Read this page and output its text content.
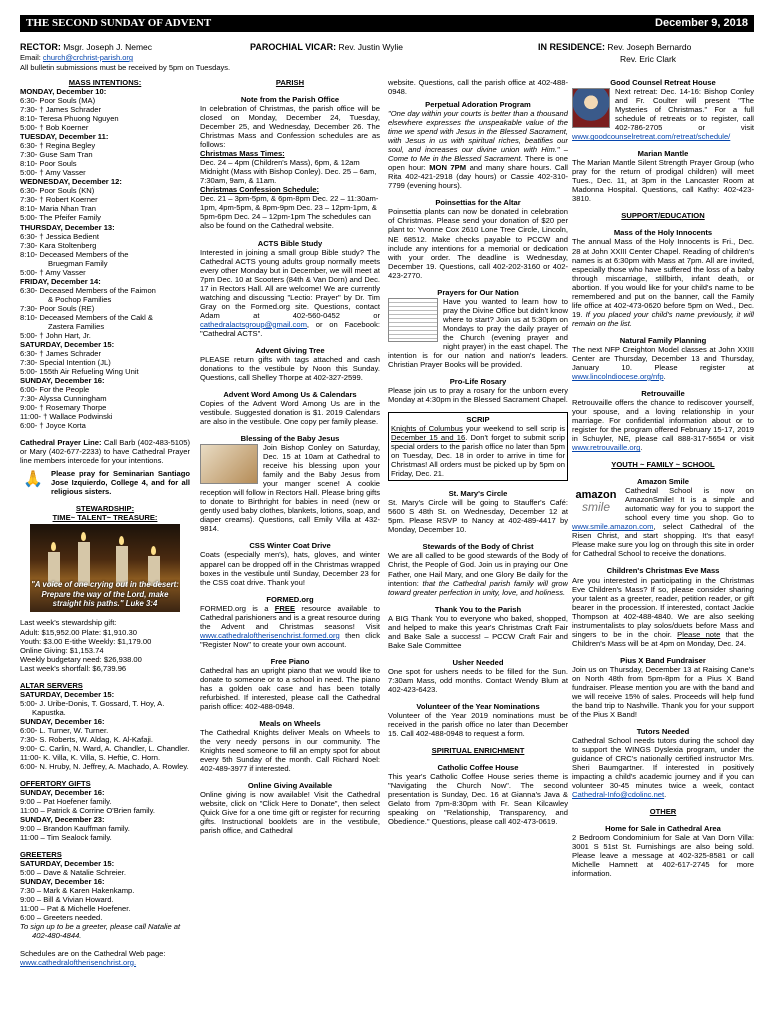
THE SECOND SUNDAY OF ADVENT	December 9, 2018
RECTOR: Msgr. Joseph J. Nemec	PAROCHIAL VICAR: Rev. Justin Wylie	IN RESIDENCE: Rev. Joseph Bernardo
Email: church@crchrist-parish.org	Rev. Eric Clark
All bulletin submissions must be received by 5pm on Tuesdays.

MASS INTENTIONS:

MONDAY, December 10:

6:30- Poor Souls (MA)

7:30- † James Schrader

8:10- Teresa Phuong Nguyen

5:00- † Bob Koerner

TUESDAY, December 11:

6:30- † Regina Begley

7:30- Guse Sam Tran

8:10- Poor Souls

5:00- † Amy Vasser

WEDNESDAY, December 12:

6:30- Poor Souls (KN)

7:30- † Robert Koerner

8:10- Maria Nhan Tran

5:00- The Pfeifer Family

THURSDAY, December 13:

6:30- † Jessica Bedient

7:30- Kara Stoltenberg

8:10- Deceased Members of the

Bruegman Family

5:00- † Amy Vasser

FRIDAY, December 14:

6:30- Deceased Members of the Faimon

& Pochop Families

7:30- Poor Souls (RE)

8:10- Deceased Members of the Cakl &

Zastera Families

5:00- † John Hart, Jr.

SATURDAY, December 15:

6:30- † James Schrader

7:30- Special Intention (JL)

5:00- 155th Air Refueling Wing Unit

SUNDAY, December 16:

6:00- For the People

7:30- Alyssa Cunningham

9:00- † Rosemary Thorpe

11:00- † Wallace Podwinski

6:00- † Joyce Korta

Cathedral Prayer Line: Call Barb (402-483-5105) or Mary (402-677-2233) to have Cathedral Prayer line members intercede for your intentions.

🙏	Please pray for Seminarian Santiago Jose Izquierdo, College 4, and for all religious sisters.

STEWARDSHIP:

TIME~ TALENT~ TREASURE:

"A voice of one crying out in the desert: Prepare the way of the Lord, make straight his paths." Luke 3:4

Last week's stewardship gift:

Adult: $15,952.00 Plate: $1,910.30

Youth: $3.00 E-tithe Weekly: $1,179.00

Online Giving: $1,153.74

Weekly budgetary need: $26,938.00

Last week's shortfall: $6,739.96

ALTAR SERVERS

SATURDAY, December 15:

5:00- J. Uribe-Donis, T. Gossard, T. Hoy, A. Kapustka.

SUNDAY, December 16:

6:00- L. Turner, W. Turner.

7:30- S. Roberts, W. Aldag, K. Al-Kafaji.

9:00- C. Carlin, N. Ward, A. Chandler, L. Chandler.

11:00- K. Villa, K. Villa, S. Heftie, C. Horn.

6:00- N. Hruby, N. Jeffrey, A. Machado, A. Rowley.

OFFERTORY GIFTS

SUNDAY, December 16:

9:00 – Pat Hoefener family.

11:00 – Patrick & Corrine O'Brien family.

SUNDAY, December 23:

9:00 – Brandon Kauffman family.

11:00 – Tim Sealock family.

GREETERS

SATURDAY, December 15:

5:00 – Dave & Natalie Schreier.

SUNDAY, December 16:

7:30 – Mark & Karen Hakenkamp.

9:00 – Bill & Vivian Howard.

11:00 – Pat & Michelle Hoefener.

6:00 – Greeters needed.

To sign up to be a greeter, please call Natalie at 402-480-4844.

Schedules are on the Cathedral Web page: www.cathedraloftherisenchrist.org.

PARISH

Note from the Parish Office

In celebration of Christmas, the parish office will be closed on Monday, December 24, Tuesday, December 25, and Wednesday, December 26. The Christmas Mass and Confession schedules are as follows:

Christmas Mass Times:

Dec. 24 – 4pm (Children's Mass), 6pm, & 12am Midnight (Mass with Bishop Conley). Dec. 25 – 6am, 7:30am, 9am, & 11am.

Christmas Confession Schedule:

Dec. 21 – 3pm-5pm, & 6pm-8pm Dec. 22 – 11:30am-1pm, 4pm-5pm, & 8pm-9pm Dec. 23 – 12pm-1pm, & 5pm-6pm Dec. 24 – 12pm-1pm The schedules can also be found on the Cathedral website.

ACTS Bible Study

Interested in joining a small group Bible study? The Cathedral ACTS young adults group normally meets every other Monday but in December, we will meet at 7pm Dec. 10 at Scooters (84th & Van Dorn) and Dec. 17 in Rectors Hall. All are welcome! We are currently watching and discussing "Lectio: Prayer" by Dr. Tim Gray on the Formed.org site. Questions, contact Adam at 402-560-0452 or cathedralactsgroup@gmail.com, or on Facebook: "Cathedral ACTS".

Advent Giving Tree

PLEASE return gifts with tags attached and cash donations to the vestibule by Noon this Sunday. Questions, call Shelley Thorpe at 402-327-2599.

Advent Word Among Us & Calendars

Copies of the Advent Word Among Us are in the vestibule. Suggested donation is $1. 2019 Calendars are also in the vestibule. One copy per family please.

Blessing of the Baby Jesus

Join Bishop Conley on Saturday, Dec. 15 at 10am at Cathedral to receive his blessing upon your family and the Baby Jesus from your manger scene! A cookie reception will follow in Rectors Hall. Please bring gifts to donate to Birthright for babies in need (new or gently used baby clothes, blankets, lotions, soap, and diaper creams). Questions, call Emily Villa at 432-9814.

CSS Winter Coat Drive

Coats (especially men's), hats, gloves, and winter apparel can be dropped off in the Christmas wrapped boxes in the vestibule until Sunday, December 23 for the CSS coat drive. Thank you!

FORMED.org

FORMED.org is a FREE resource available to Cathedral parishioners and is a great resource during the Advent and Christmas seasons! Visit www.cathedraloftherisenchrist.formed.org then click "Register Now" to create your own account.

Free Piano

Cathedral has an upright piano that we would like to donate to someone or to a school in need. The piano has a golden oak case and has been totally refurbished. If interested, please call the Cathedral parish office: 402-488-0948.

Meals on Wheels

The Cathedral Knights deliver Meals on Wheels to the very needy persons in our community. The Knights need someone to fill an empty spot for about every 5th Sunday of the month. Call Richard Noel: 402-489-3977 if interested.

Online Giving Available

Online giving is now available! Visit the Cathedral website, click on "Click Here to Donate", then select Quick Give for a one time gift or register for recurring gifts. Instructional booklets are in the vestibule, parish office, and Cathedral

website. Questions, call the parish office at 402-488-0948.

Perpetual Adoration Program

"One day within your courts is better than a thousand elsewhere expresses the unspeakable value of the time we spend with Jesus in the Blessed Sacrament, with Jesus in us with spiritual riches, beatifies our soul, and increases our divine union with Him." – Come to Me in the Blessed Sacrament. There is one open hour: MON 7PM and many share hours. Call Rita 402-421-2918 (day hours) or Cassie 402-310-7799 (evening hours).

Poinsettias for the Altar

Poinsettia plants can now be donated in celebration of Christmas. Please send your donation of $20 per plant to: Yvonne Cox 2610 Lone Tree Circle, Lincoln, NE 68512. Make checks payable to PCCW and include any intentions for a memorial or dedication with your order. The deadline is Wednesday, December 19. Questions, call 402-202-3160 or 402-423-2770.

Prayers for Our Nation

Have you wanted to learn how to pray the Divine Office but didn't know where to start? Join us at 5:30pm on Mondays to pray the daily prayer of the Church (evening prayer and night prayer) in the east chapel. The intention is for our nation and nation's leaders. Christian Prayer Books will be provided.

Pro-Life Rosary

Please join us to pray a rosary for the unborn every Monday at 4:30pm in the Blessed Sacrament Chapel.

SCRIP

Knights of Columbus your weekend to sell scrip is December 15 and 16. Don't forget to submit scrip special orders to the parish office no later than 5pm on Tuesday, Dec. 18 in order to arrive in time for Christmas! All orders must be picked up by 5pm on Friday, Dec. 21.

St. Mary's Circle

St. Mary's Circle will be going to Stauffer's Café: 5600 S 48th St. on Wednesday, December 12 at 5pm. Please RSVP to Nancy at 402-489-4417 by Monday, December 10.

Stewards of the Body of Christ

We are all called to be good stewards of the Body of Christ, the People of God. Join us in praying our One Father, one Hail Mary, and one Glory Be daily for the intention: that the Cathedral parish family will grow toward greater perfection in unity, love, and holiness.

Thank You to the Parish

A BIG Thank You to everyone who baked, shopped, and helped to make this year's Christmas Craft Fair and Bake Sale a success! – PCCW Craft Fair and Bake Sale Committee

Usher Needed

One spot for ushers needs to be filled for the Sun. 7:30am Mass, odd months. Contact Wendy Blum at 402-423-6423.

Volunteer of the Year Nominations

Volunteer of the Year 2019 nominations must be received in the parish office no later than December 15. Call 402-488-0948 to request a form.

SPIRITUAL ENRICHMENT

Catholic Coffee House

This year's Catholic Coffee House series theme is "Navigating the Church Now". The second presentation is Sunday, Dec. 16 at Gianna's Java & Gelato from 7pm-8:30pm with Fr. Sean Kilcawley speaking on "Relationship, Transparency, and Obedience." Questions, please call 402-473-0619.

Good Counsel Retreat House

Next retreat: Dec. 14-16: Bishop Conley and Fr. Coulter will present "The Mysteries of Christmas." For a full schedule of retreats or to register, call 402-786-2705 or visit www.goodcounselretreat.com/retreat/schedule/

Marian Mantle

The Marian Mantle Silent Strength Prayer Group (who pray for the return of prodigal children) will meet Tues., Dec. 11, at 3pm in the Lancaster Room at Madonna Hospital. Questions, call Kathy: 402-423-3810.

SUPPORT/EDUCATION

Mass of the Holy Innocents

The annual Mass of the Holy Innocents is Fri., Dec. 28 at John XXIII Center Chapel. Reading of children's names is at 6:30pm with Mass at 7pm. All are invited, especially those who have suffered the loss of a baby through miscarriage, stillbirth, infant death, or abortion. If you would like for your child's name to be remembered and put on the banner, call the Family life office at 402-473-0620 before 5pm on Wed., Dec. 19. If you placed your child's name previously, it will remain on the list.

Natural Family Planning

The next NFP Creighton Model classes at John XXIII Center are Thursday, December 13 and Thursday, January 10. Please register at www.lincolndiocese.org/nfp.

Retrouvaille

Retrouvaille offers the chance to rediscover yourself, your spouse, and a loving relationship in your marriage. For confidential information about or to register for the program offered February 15-17, 2019 in Schuyler, NE, please call 888-317-5654 or visit www.retrouvaille.org.

YOUTH ~ FAMILY ~ SCHOOL

Amazon Smile

amazon
smile

Cathedral School is now on AmazonSmile! It is a simple and automatic way for you to support the school every time you shop. Go to www.smile.amazon.com, select Cathedral of the Risen Christ, and start shopping. It's that easy! Please make sure you log on through this site in order for Cathedral School to receive the donations.

Children's Christmas Eve Mass

Are you interested in participating in the Christmas Eve Children's Mass? If so, please consider sharing your talent as a greeter, reader, petition reader, or gift bearer in the procession. If interested, contact Jackie Thompson at 402-488-4840. We are also seeking instrumentalists to play solos/duets before Mass and singers to be in the choir. Please note that the Children's Mass will be at 4pm on Monday, Dec. 24.

Pius X Band Fundraiser

Join us on Thursday, December 13 at Raising Cane's on North 48th from 5pm-8pm for a Pius X Band fundraiser. Please mention you are with the band and we will receive 15% of sales. Proceeds will help fund the band trip to Nashville. Thank you for your support of the Pius X Band!

Tutors Needed

Cathedral School needs tutors during the school day to support the WINGS Dyslexia program, under the guidance of CRC's nationally certified instructor Mrs. Sheri Baumgartner. If interested in positively impacting a child's academic journey and if you can volunteer 30-45 minutes twice a week, contact Cathedral-Info@cdolinc.net.

OTHER

Home for Sale in Cathedral Area

2 Bedroom Condominium for Sale at Van Dorn Villa: 3001 S 51st St. Furnishings are also being sold. Please leave a message at 402-325-8581 or call Michelle Hamnett at 402-617-2745 for more information.
